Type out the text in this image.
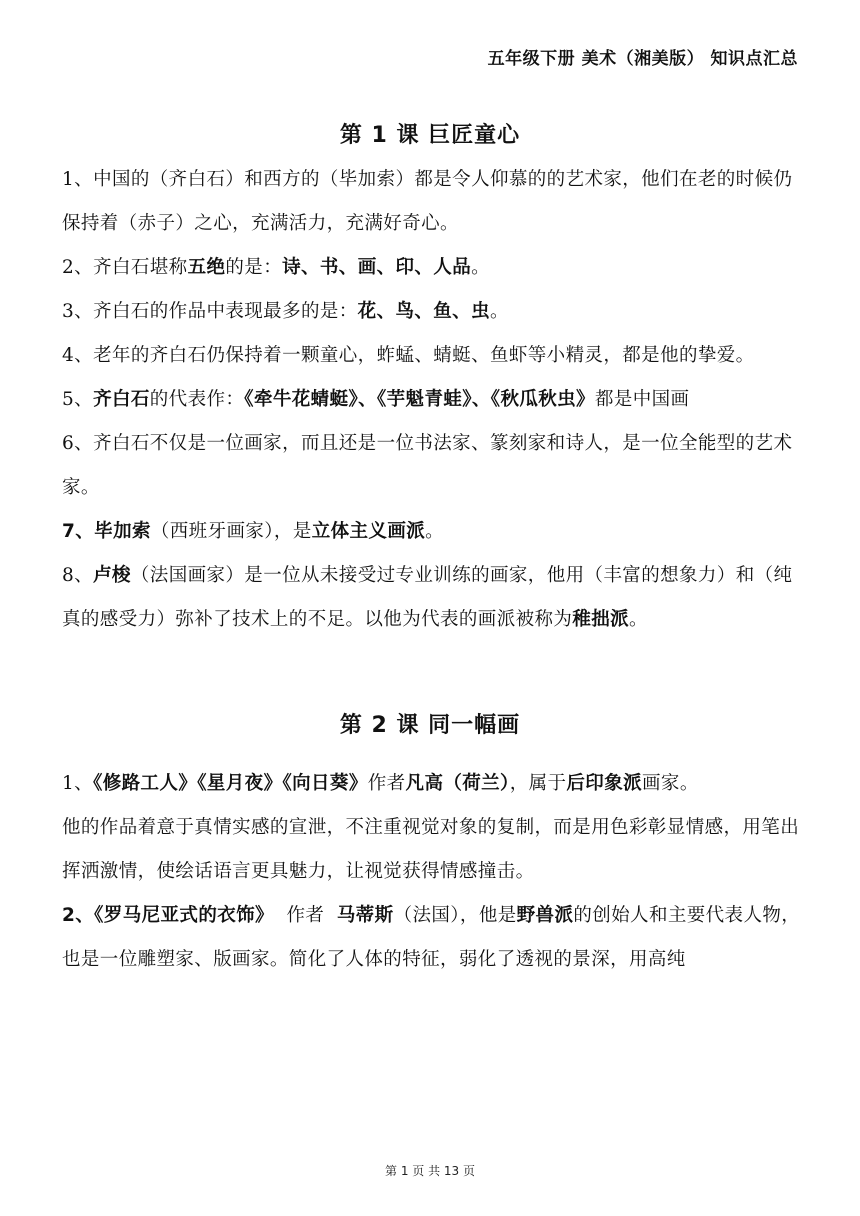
五年级下册 美术（湘美版） 知识点汇总
第 1 课 巨匠童心
1、中国的（齐白石）和西方的（毕加索）都是令人仰慕的的艺术家，他们在老的时候仍保持着（赤子）之心，充满活力，充满好奇心。
2、齐白石堪称五绝的是：诗、书、画、印、人品。
3、齐白石的作品中表现最多的是：花、鸟、鱼、虫。
4、老年的齐白石仍保持着一颗童心，蚱蜢、蜻蜓、鱼虾等小精灵，都是他的挚爱。
5、齐白石的代表作：《牵牛花蜻蜓》、《芋魁青蛙》、《秋瓜秋虫》都是中国画
6、齐白石不仅是一位画家，而且还是一位书法家、篆刻家和诗人，是一位全能型的艺术家。
7、毕加索（西班牙画家），是立体主义画派。
8、卢梭（法国画家）是一位从未接受过专业训练的画家，他用（丰富的想象力）和（纯真的感受力）弥补了技术上的不足。以他为代表的画派被称为稚拙派。
第 2 课 同一幅画
1、《修路工人》《星月夜》《向日葵》作者凡高（荷兰），属于后印象派画家。
他的作品着意于真情实感的宣泄，不注重视觉对象的复制，而是用色彩彰显情感，用笔出挥洒激情，使绘话语言更具魅力，让视觉获得情感撞击。
2、《罗马尼亚式的衣饰》  作者  马蒂斯（法国），他是野兽派的创始人和主要代表人物，也是一位雕塑家、版画家。简化了人体的特征，弱化了透视的景深，用高纯
第 1 页 共 13 页
